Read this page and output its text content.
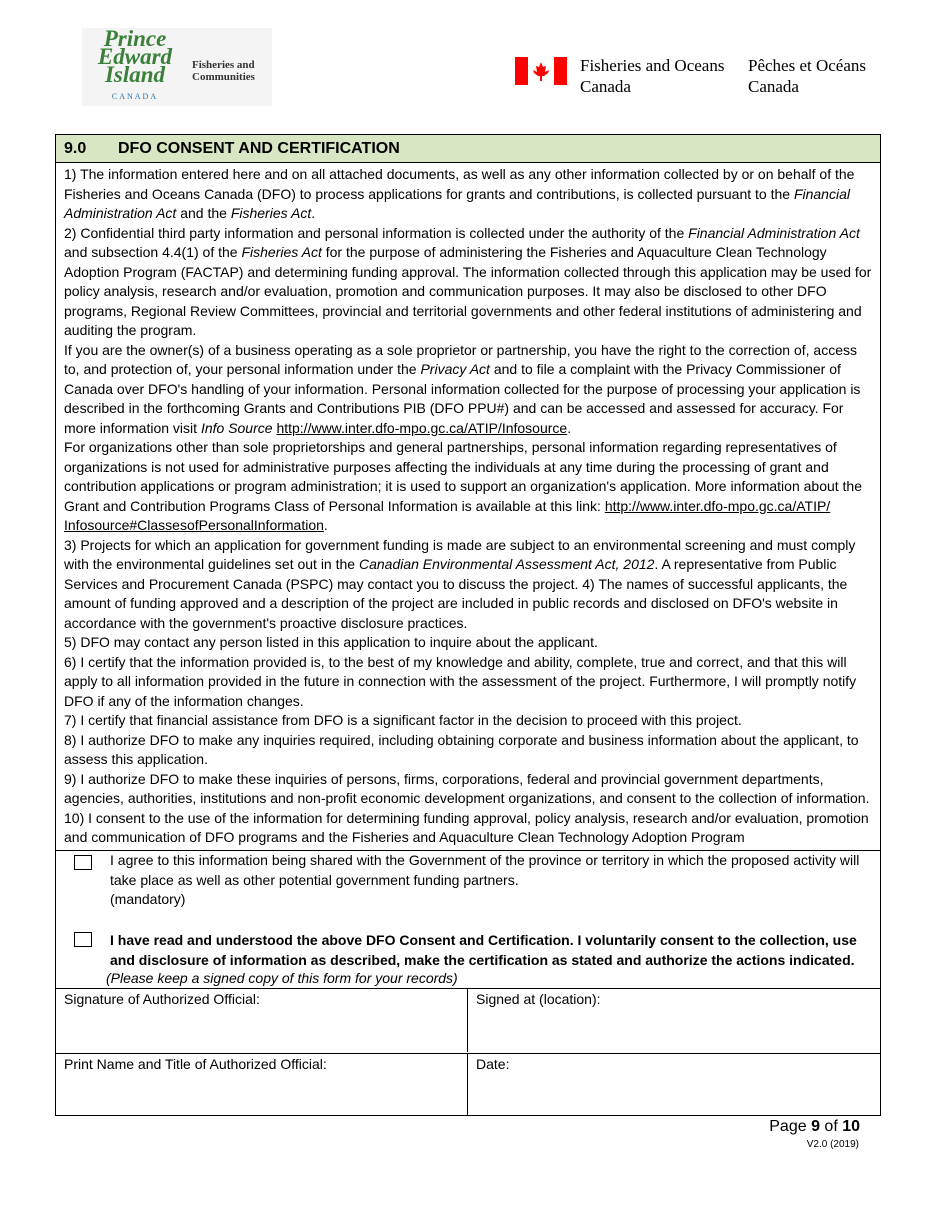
Prince Edward Island
CANADA
Fisheries and
Communities
Fisheries and Oceans
Canada
Pêches et Océans
Canada
9.0 DFO CONSENT AND CERTIFICATION

1) The information entered here and on all attached documents, as well as any other information collected by or on behalf of the Fisheries and Oceans Canada (DFO) to process applications for grants and contributions, is collected pursuant to the Financial Administration Act and the Fisheries Act.

2) Confidential third party information and personal information is collected under the authority of the Financial Administration Act and subsection 4.4(1) of the Fisheries Act for the purpose of administering the Fisheries and Aquaculture Clean Technology Adoption Program (FACTAP) and determining funding approval. The information collected through this application may be used for policy analysis, research and/or evaluation, promotion and communication purposes. It may also be disclosed to other DFO programs, Regional Review Committees, provincial and territorial governments and other federal institutions of administering and auditing the program.

If you are the owner(s) of a business operating as a sole proprietor or partnership, you have the right to the correction of, access to, and protection of, your personal information under the Privacy Act and to file a complaint with the Privacy Commissioner of Canada over DFO's handling of your information. Personal information collected for the purpose of processing your application is described in the forthcoming Grants and Contributions PIB (DFO PPU#) and can be accessed and assessed for accuracy. For more information visit Info Source http://www.inter.dfo-mpo.gc.ca/ATIP/Infosource.

For organizations other than sole proprietorships and general partnerships, personal information regarding representatives of organizations is not used for administrative purposes affecting the individuals at any time during the processing of grant and contribution applications or program administration; it is used to support an organization's application. More information about the Grant and Contribution Programs Class of Personal Information is available at this link: http://www.inter.dfo-mpo.gc.ca/ATIP/ Infosource#ClassesofPersonalInformation.

3) Projects for which an application for government funding is made are subject to an environmental screening and must comply with the environmental guidelines set out in the Canadian Environmental Assessment Act, 2012. A representative from Public Services and Procurement Canada (PSPC) may contact you to discuss the project. 4) The names of successful applicants, the amount of funding approved and a description of the project are included in public records and disclosed on DFO's website in accordance with the government's proactive disclosure practices.

5) DFO may contact any person listed in this application to inquire about the applicant.

6) I certify that the information provided is, to the best of my knowledge and ability, complete, true and correct, and that this will apply to all information provided in the future in connection with the assessment of the project. Furthermore, I will promptly notify DFO if any of the information changes.

7) I certify that financial assistance from DFO is a significant factor in the decision to proceed with this project.

8) I authorize DFO to make any inquiries required, including obtaining corporate and business information about the applicant, to assess this application.

9) I authorize DFO to make these inquiries of persons, firms, corporations, federal and provincial government departments, agencies, authorities, institutions and non-profit economic development organizations, and consent to the collection of information.

10) I consent to the use of the information for determining funding approval, policy analysis, research and/or evaluation, promotion and communication of DFO programs and the Fisheries and Aquaculture Clean Technology Adoption Program

I agree to this information being shared with the Government of the province or territory in which the proposed activity will take place as well as other potential government funding partners.

(mandatory)

I have read and understood the above DFO Consent and Certification. I voluntarily consent to the collection, use and disclosure of information as described, make the certification as stated and authorize the actions indicated.
(Please keep a signed copy of this form for your records)
Signature of Authorized Official:	Signed at (location):
Print Name and Title of Authorized Official:	Date:
Page 9 of 10
V2.0 (2019)
